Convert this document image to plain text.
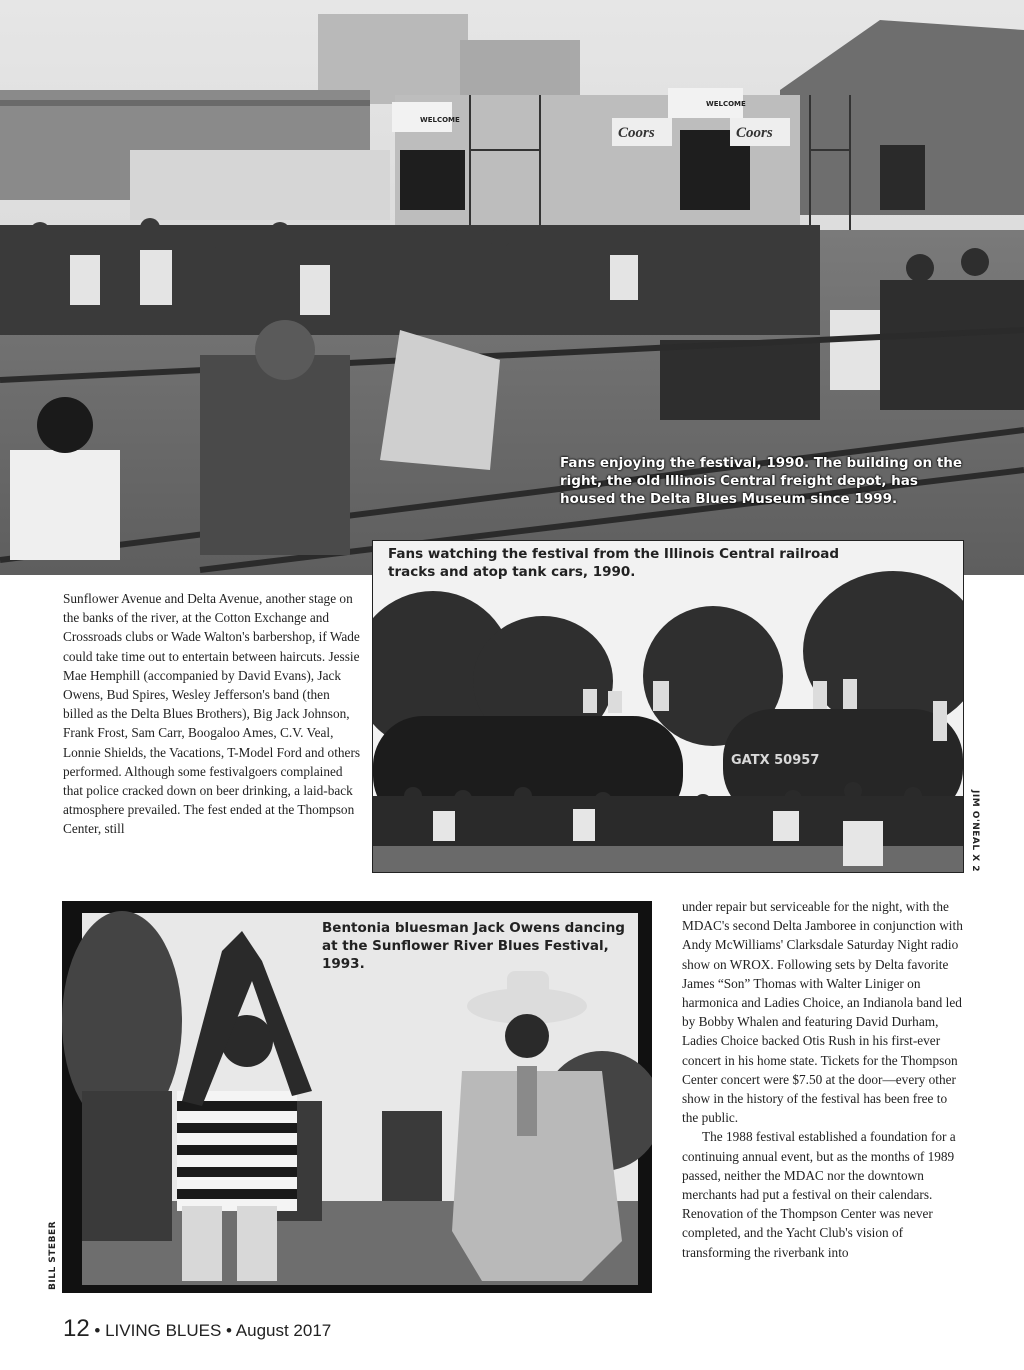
Coors	Coors
WELCOME
WELCOME
Fans enjoying the festival, 1990. The building on the right, the old Illinois Central freight depot, has housed the Delta Blues Museum since 1999.
GATX 50957
Fans watching the festival from the Illinois Central railroad tracks and atop tank cars, 1990.
JIM O'NEAL X 2
Sunflower Avenue and Delta Avenue, another stage on the banks of the river, at the Cotton Exchange and Crossroads clubs or Wade Walton's barbershop, if Wade could take time out to entertain between haircuts. Jessie Mae Hemphill (accompanied by David Evans), Jack Owens, Bud Spires, Wesley Jefferson's band (then billed as the Delta Blues Brothers), Big Jack Johnson, Frank Frost, Sam Carr, Boogaloo Ames, C.V. Veal, Lonnie Shields, the Vacations, T-Model Ford and others performed. Although some festivalgoers complained that police cracked down on beer drinking, a laid-back atmosphere prevailed. The fest ended at the Thompson Center, still
Bentonia bluesman Jack Owens dancing at the Sunflower River Blues Festival, 1993.
BILL STEBER

under repair but serviceable for the night, with the MDAC's second Delta Jamboree in conjunction with Andy McWilliams' Clarksdale Saturday Night radio show on WROX. Following sets by Delta favorite James “Son” Thomas with Walter Liniger on harmonica and Ladies Choice, an Indianola band led by Bobby Whalen and featuring David Durham, Ladies Choice backed Otis Rush in his first-ever concert in his home state. Tickets for the Thompson Center concert were $7.50 at the door—every other show in the history of the festival has been free to the public.

The 1988 festival established a foundation for a continuing annual event, but as the months of 1989 passed, neither the MDAC nor the downtown merchants had put a festival on their calendars. Renovation of the Thompson Center was never completed, and the Yacht Club's vision of transforming the riverbank into

12 • LIVING BLUES • August 2017
